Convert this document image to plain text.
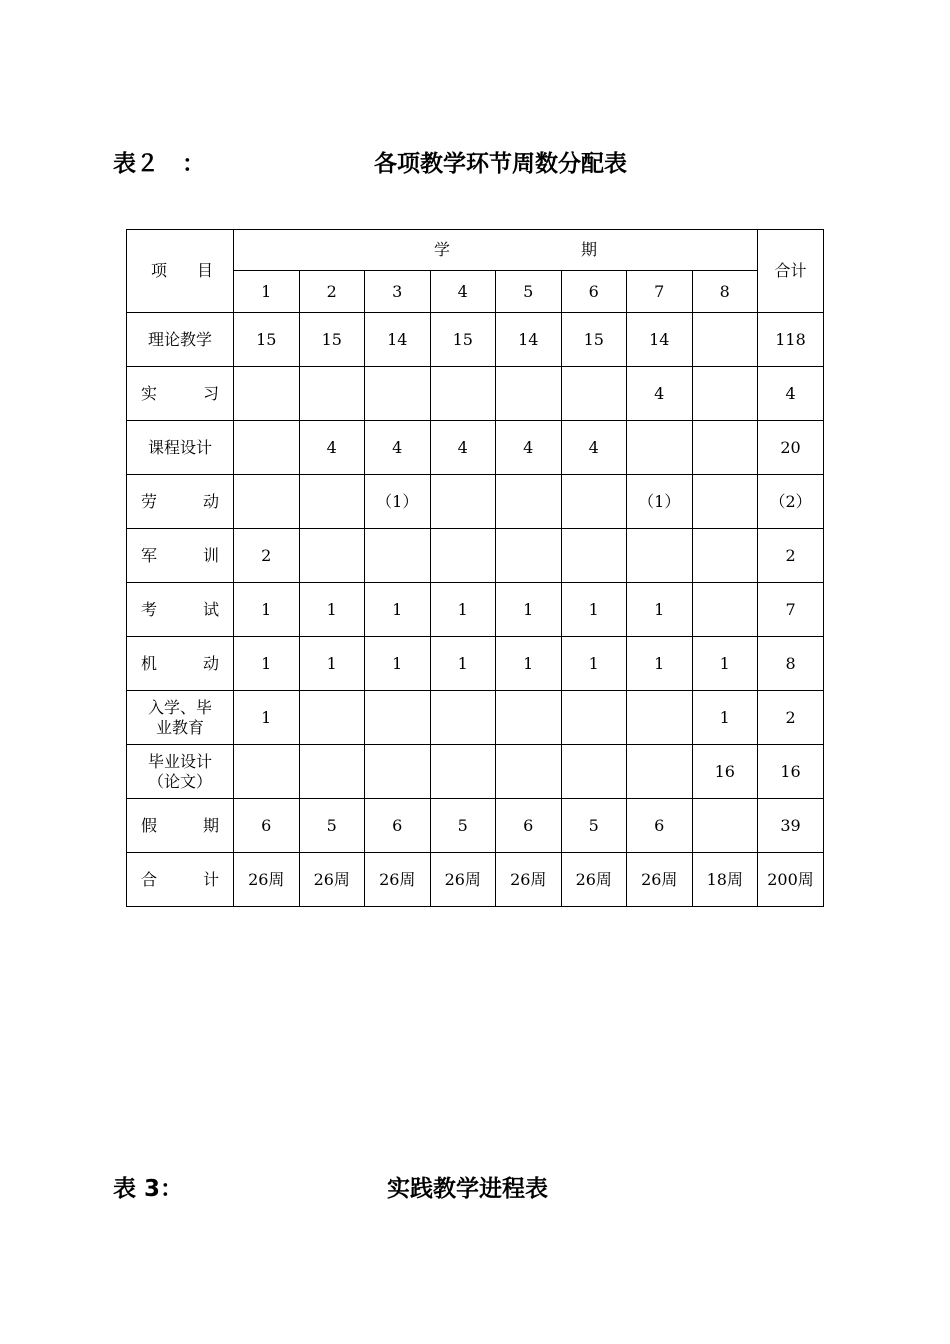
表２　：	各项教学环节周数分配表
项 目	学 期								合计
	1	2	3	4	5	6	7	8	
理论教学	15	15	14	15	14	15	14		118

实 习							4		4
课程设计		4	4	4	4	4			20

劳 动			（1）				（1）		（2）

军 训	2								2

考 试	1	1	1	1	1	1	1		7

机 动	1	1	1	1	1	1	1	1	8
入学、毕业教育	1							1	2
毕业设计（论文）								16	16

假 期	6	5	6	5	6	5	6		39

合 计	26周	26周	26周	26周	26周	26周	26周	18周	200周
表 3：	实践教学进程表
